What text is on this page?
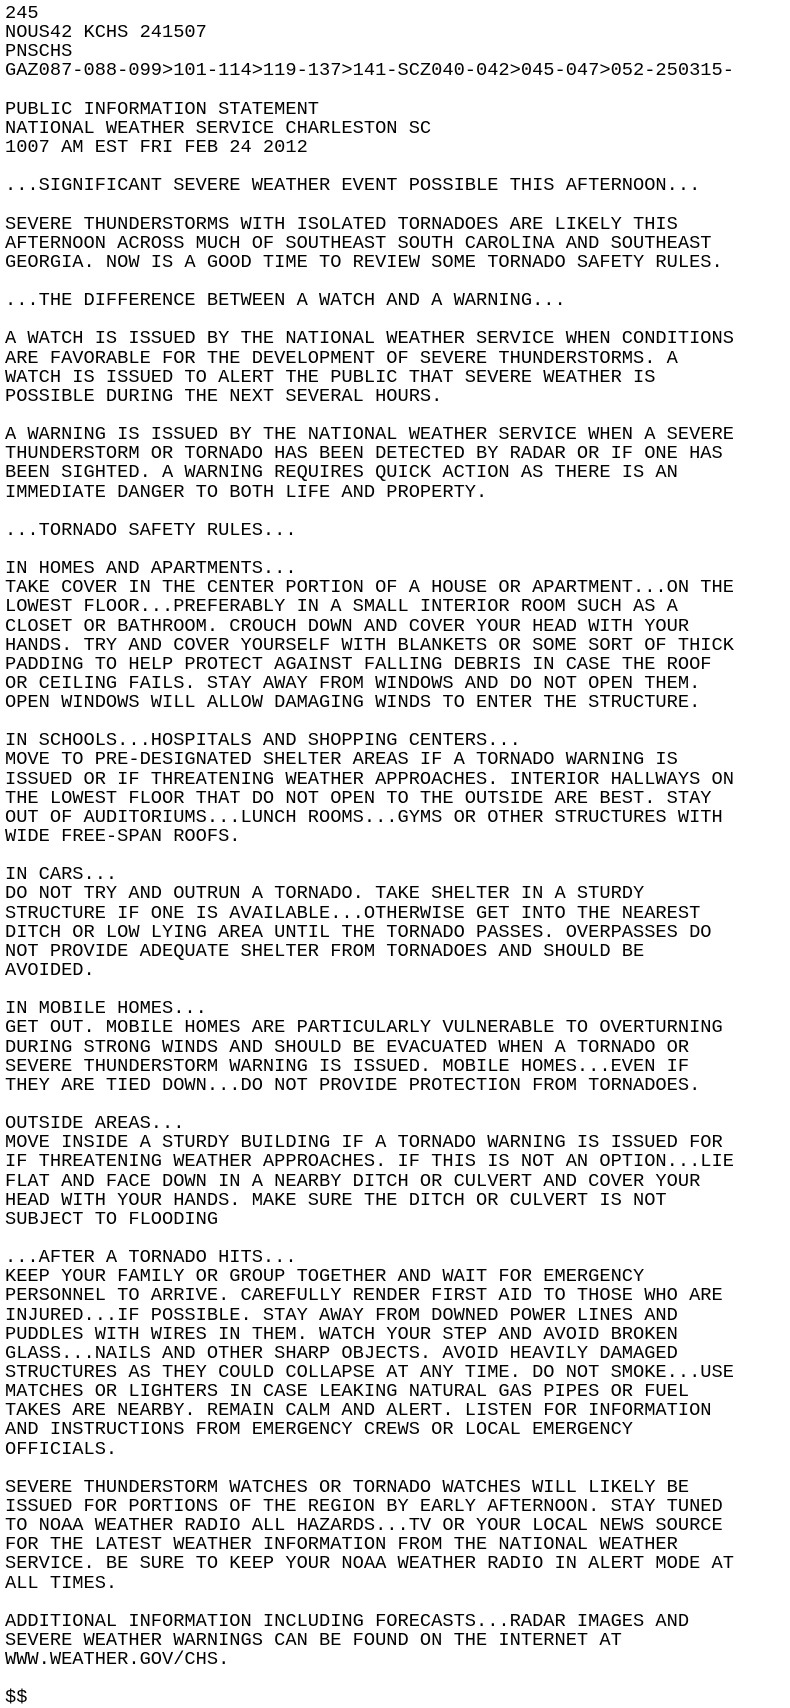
245
NOUS42 KCHS 241507
PNSCHS
GAZ087-088-099>101-114>119-137>141-SCZ040-042>045-047>052-250315-
PUBLIC INFORMATION STATEMENT
NATIONAL WEATHER SERVICE CHARLESTON SC
1007 AM EST FRI FEB 24 2012
...SIGNIFICANT SEVERE WEATHER EVENT POSSIBLE THIS AFTERNOON...
SEVERE THUNDERSTORMS WITH ISOLATED TORNADOES ARE LIKELY THIS
AFTERNOON ACROSS MUCH OF SOUTHEAST SOUTH CAROLINA AND SOUTHEAST
GEORGIA. NOW IS A GOOD TIME TO REVIEW SOME TORNADO SAFETY RULES.
...THE DIFFERENCE BETWEEN A WATCH AND A WARNING...
A WATCH IS ISSUED BY THE NATIONAL WEATHER SERVICE WHEN CONDITIONS
ARE FAVORABLE FOR THE DEVELOPMENT OF SEVERE THUNDERSTORMS. A
WATCH IS ISSUED TO ALERT THE PUBLIC THAT SEVERE WEATHER IS
POSSIBLE DURING THE NEXT SEVERAL HOURS.
A WARNING IS ISSUED BY THE NATIONAL WEATHER SERVICE WHEN A SEVERE
THUNDERSTORM OR TORNADO HAS BEEN DETECTED BY RADAR OR IF ONE HAS
BEEN SIGHTED. A WARNING REQUIRES QUICK ACTION AS THERE IS AN
IMMEDIATE DANGER TO BOTH LIFE AND PROPERTY.
...TORNADO SAFETY RULES...
IN HOMES AND APARTMENTS...
TAKE COVER IN THE CENTER PORTION OF A HOUSE OR APARTMENT...ON THE
LOWEST FLOOR...PREFERABLY IN A SMALL INTERIOR ROOM SUCH AS A
CLOSET OR BATHROOM. CROUCH DOWN AND COVER YOUR HEAD WITH YOUR
HANDS. TRY AND COVER YOURSELF WITH BLANKETS OR SOME SORT OF THICK
PADDING TO HELP PROTECT AGAINST FALLING DEBRIS IN CASE THE ROOF
OR CEILING FAILS. STAY AWAY FROM WINDOWS AND DO NOT OPEN THEM.
OPEN WINDOWS WILL ALLOW DAMAGING WINDS TO ENTER THE STRUCTURE.
IN SCHOOLS...HOSPITALS AND SHOPPING CENTERS...
MOVE TO PRE-DESIGNATED SHELTER AREAS IF A TORNADO WARNING IS
ISSUED OR IF THREATENING WEATHER APPROACHES. INTERIOR HALLWAYS ON
THE LOWEST FLOOR THAT DO NOT OPEN TO THE OUTSIDE ARE BEST. STAY
OUT OF AUDITORIUMS...LUNCH ROOMS...GYMS OR OTHER STRUCTURES WITH
WIDE FREE-SPAN ROOFS.
IN CARS...
DO NOT TRY AND OUTRUN A TORNADO. TAKE SHELTER IN A STURDY
STRUCTURE IF ONE IS AVAILABLE...OTHERWISE GET INTO THE NEAREST
DITCH OR LOW LYING AREA UNTIL THE TORNADO PASSES. OVERPASSES DO
NOT PROVIDE ADEQUATE SHELTER FROM TORNADOES AND SHOULD BE
AVOIDED.
IN MOBILE HOMES...
GET OUT. MOBILE HOMES ARE PARTICULARLY VULNERABLE TO OVERTURNING
DURING STRONG WINDS AND SHOULD BE EVACUATED WHEN A TORNADO OR
SEVERE THUNDERSTORM WARNING IS ISSUED. MOBILE HOMES...EVEN IF
THEY ARE TIED DOWN...DO NOT PROVIDE PROTECTION FROM TORNADOES.
OUTSIDE AREAS...
MOVE INSIDE A STURDY BUILDING IF A TORNADO WARNING IS ISSUED FOR
IF THREATENING WEATHER APPROACHES. IF THIS IS NOT AN OPTION...LIE
FLAT AND FACE DOWN IN A NEARBY DITCH OR CULVERT AND COVER YOUR
HEAD WITH YOUR HANDS. MAKE SURE THE DITCH OR CULVERT IS NOT
SUBJECT TO FLOODING
...AFTER A TORNADO HITS...
KEEP YOUR FAMILY OR GROUP TOGETHER AND WAIT FOR EMERGENCY
PERSONNEL TO ARRIVE. CAREFULLY RENDER FIRST AID TO THOSE WHO ARE
INJURED...IF POSSIBLE. STAY AWAY FROM DOWNED POWER LINES AND
PUDDLES WITH WIRES IN THEM. WATCH YOUR STEP AND AVOID BROKEN
GLASS...NAILS AND OTHER SHARP OBJECTS. AVOID HEAVILY DAMAGED
STRUCTURES AS THEY COULD COLLAPSE AT ANY TIME. DO NOT SMOKE...USE
MATCHES OR LIGHTERS IN CASE LEAKING NATURAL GAS PIPES OR FUEL
TAKES ARE NEARBY. REMAIN CALM AND ALERT. LISTEN FOR INFORMATION
AND INSTRUCTIONS FROM EMERGENCY CREWS OR LOCAL EMERGENCY
OFFICIALS.
SEVERE THUNDERSTORM WATCHES OR TORNADO WATCHES WILL LIKELY BE
ISSUED FOR PORTIONS OF THE REGION BY EARLY AFTERNOON. STAY TUNED
TO NOAA WEATHER RADIO ALL HAZARDS...TV OR YOUR LOCAL NEWS SOURCE
FOR THE LATEST WEATHER INFORMATION FROM THE NATIONAL WEATHER
SERVICE. BE SURE TO KEEP YOUR NOAA WEATHER RADIO IN ALERT MODE AT
ALL TIMES.
ADDITIONAL INFORMATION INCLUDING FORECASTS...RADAR IMAGES AND
SEVERE WEATHER WARNINGS CAN BE FOUND ON THE INTERNET AT
WWW.WEATHER.GOV/CHS.
$$
